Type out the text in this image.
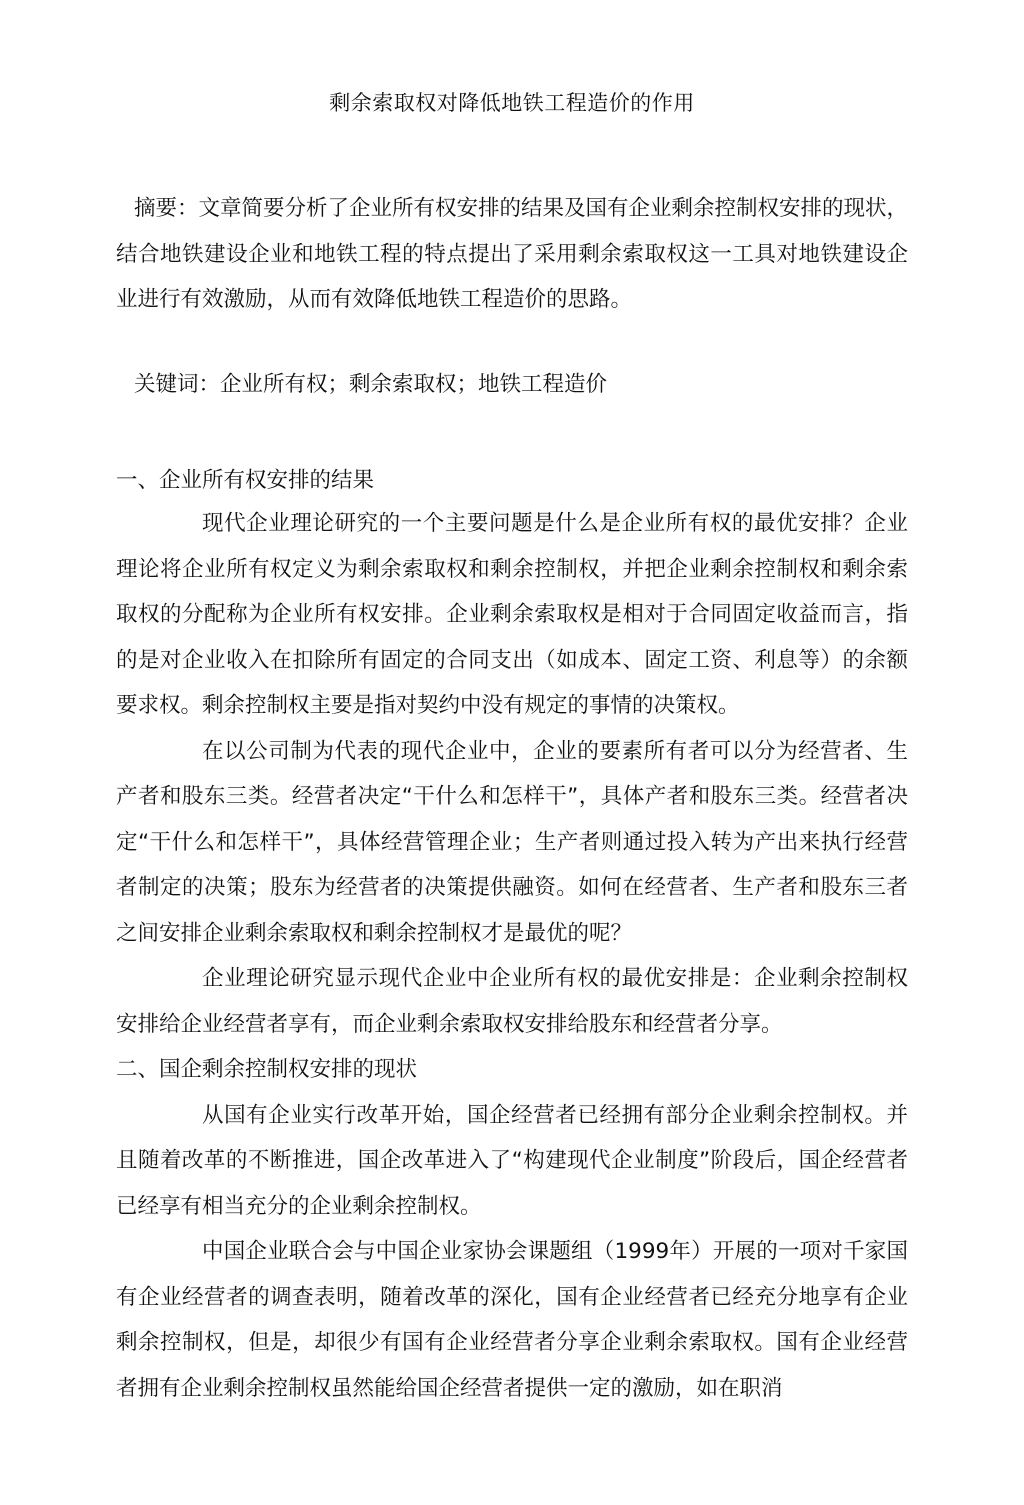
剩余索取权对降低地铁工程造价的作用

摘要：文章简要分析了企业所有权安排的结果及国有企业剩余控制权安排的现状，结合地铁建设企业和地铁工程的特点提出了采用剩余索取权这一工具对地铁建设企业进行有效激励，从而有效降低地铁工程造价的思路。

关键词：企业所有权；剩余索取权；地铁工程造价

一、企业所有权安排的结果

现代企业理论研究的一个主要问题是什么是企业所有权的最优安排？企业理论将企业所有权定义为剩余索取权和剩余控制权，并把企业剩余控制权和剩余索取权的分配称为企业所有权安排。企业剩余索取权是相对于合同固定收益而言，指的是对企业收入在扣除所有固定的合同支出（如成本、固定工资、利息等）的余额要求权。剩余控制权主要是指对契约中没有规定的事情的决策权。

在以公司制为代表的现代企业中，企业的要素所有者可以分为经营者、生产者和股东三类。经营者决定“干什么和怎样干”，具体产者和股东三类。经营者决定“干什么和怎样干”，具体经营管理企业；生产者则通过投入转为产出来执行经营者制定的决策；股东为经营者的决策提供融资。如何在经营者、生产者和股东三者之间安排企业剩余索取权和剩余控制权才是最优的呢？

企业理论研究显示现代企业中企业所有权的最优安排是：企业剩余控制权安排给企业经营者享有，而企业剩余索取权安排给股东和经营者分享。

二、国企剩余控制权安排的现状

从国有企业实行改革开始，国企经营者已经拥有部分企业剩余控制权。并且随着改革的不断推进，国企改革进入了“构建现代企业制度”阶段后，国企经营者已经享有相当充分的企业剩余控制权。

中国企业联合会与中国企业家协会课题组（1999年）开展的一项对千家国有企业经营者的调查表明，随着改革的深化，国有企业经营者已经充分地享有企业剩余控制权，但是，却很少有国有企业经营者分享企业剩余索取权。国有企业经营者拥有企业剩余控制权虽然能给国企经营者提供一定的激励，如在职消
